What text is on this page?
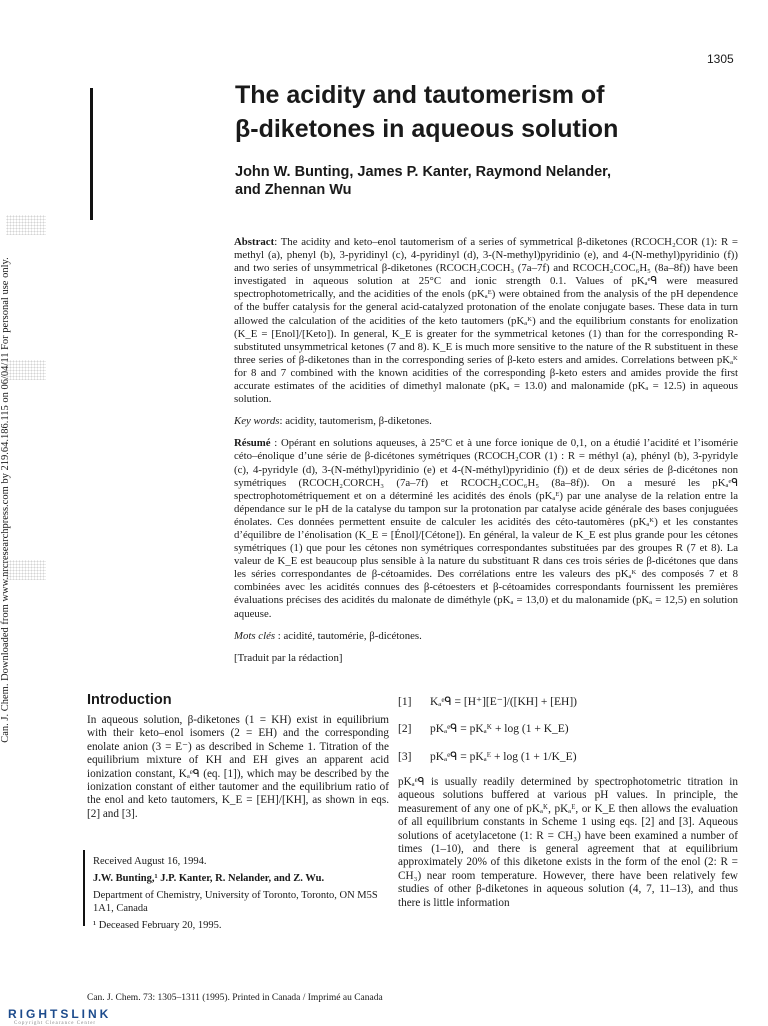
1305
The acidity and tautomerism of
β-diketones in aqueous solution
John W. Bunting, James P. Kanter, Raymond Nelander,
and Zhennan Wu

Abstract: The acidity and keto–enol tautomerism of a series of symmetrical β-diketones (RCOCH₂COR (1): R = methyl (a), phenyl (b), 3-pyridinyl (c), 4-pyridinyl (d), 3-(N-methyl)pyridinio (e), and 4-(N-methyl)pyridinio (f)) and two series of unsymmetrical β-diketones (RCOCH₂COCH₃ (7a–7f) and RCOCH₂COC₆H₅ (8a–8f)) have been investigated in aqueous solution at 25°C and ionic strength 0.1. Values of pKₐᵉᑫ were measured spectrophotometrically, and the acidities of the enols (pKₐᴱ) were obtained from the analysis of the pH dependence of the buffer catalysis for the general acid-catalyzed protonation of the enolate conjugate bases. These data in turn allowed the calculation of the acidities of the keto tautomers (pKₐᴷ) and the equilibrium constants for enolization (K_E = [Enol]/[Keto]). In general, K_E is greater for the symmetrical ketones (1) than for the corresponding R-substituted unsymmetrical ketones (7 and 8). K_E is much more sensitive to the nature of the R substituent in these three series of β-diketones than in the corresponding series of β-keto esters and amides. Correlations between pKₐᴷ for 8 and 7 combined with the known acidities of the corresponding β-keto esters and amides provide the first accurate estimates of the acidities of dimethyl malonate (pKₐ = 13.0) and malonamide (pKₐ = 12.5) in aqueous solution.

Key words: acidity, tautomerism, β-diketones.

Résumé : Opérant en solutions aqueuses, à 25°C et à une force ionique de 0,1, on a étudié l’acidité et l’isomérie céto–énolique d’une série de β-dicétones symétriques (RCOCH₂COR (1) : R = méthyl (a), phényl (b), 3-pyridyle (c), 4-pyridyle (d), 3-(N-méthyl)pyridinio (e) et 4-(N-méthyl)pyridinio (f)) et de deux séries de β-dicétones non symétriques (RCOCH₂CORCH₃ (7a–7f) et RCOCH₂COC₆H₅ (8a–8f)). On a mesuré les pKₐᵉᑫ spectrophotométriquement et on a déterminé les acidités des énols (pKₐᴱ) par une analyse de la relation entre la dépendance sur le pH de la catalyse du tampon sur la protonation par catalyse acide générale des bases conjuguées énolates. Ces données permettent ensuite de calculer les acidités des céto-tautomères (pKₐᴷ) et les constantes d’équilibre de l’énolisation (K_E = [Énol]/[Cétone]). En général, la valeur de K_E est plus grande pour les cétones symétriques (1) que pour les cétones non symétriques correspondantes substituées par des groupes R (7 et 8). La valeur de K_E est beaucoup plus sensible à la nature du substituant R dans ces trois séries de β-dicétones que dans les séries correspondantes de β-cétoamides. Des corrélations entre les valeurs des pKₐᴷ des composés 7 et 8 combinées avec les acidités connues des β-cétoesters et β-cétoamides correspondants fournissent les premières évaluations précises des acidités du malonate de diméthyle (pKₐ = 13,0) et du malonamide (pKₐ = 12,5) en solution aqueuse.

Mots clés : acidité, tautomérie, β-dicétones.

[Traduit par la rédaction]

Can. J. Chem. Downloaded from www.nrcresearchpress.com by 219.64.186.115 on 06/04/11 For personal use only.	Introduction
In aqueous solution, β-diketones (1 = KH) exist in equilibrium with their keto–enol isomers (2 = EH) and the corresponding enolate anion (3 = E⁻) as described in Scheme 1. Titration of the equilibrium mixture of KH and EH gives an apparent acid ionization constant, Kₐᵉᑫ (eq. [1]), which may be described by the ionization constant of either tautomer and the equilibrium ratio of the enol and keto tautomers, K_E = [EH]/[KH], as shown in eqs. [2] and [3].
[1] Kₐᵉᑫ = [H⁺][E⁻]/([KH] + [EH])
[2] pKₐᵉᑫ = pKₐᴷ + log (1 + K_E)
[3] pKₐᵉᑫ = pKₐᴱ + log (1 + 1/K_E)
pKₐᵉᑫ is usually readily determined by spectrophotometric titration in aqueous solutions buffered at various pH values. In principle, the measurement of any one of pKₐᴷ, pKₐᴱ, or K_E then allows the evaluation of all equilibrium constants in Scheme 1 using eqs. [2] and [3]. Aqueous solutions of acetylacetone (1: R = CH₃) have been examined a number of times (1–10), and there is general agreement that at equilibrium approximately 20% of this diketone exists in the form of the enol (2: R = CH₃) near room temperature. However, there have been relatively few studies of other β-diketones in aqueous solution (4, 7, 11–13), and thus there is little information

Received August 16, 1994.

J.W. Bunting,¹ J.P. Kanter, R. Nelander, and Z. Wu.

Department of Chemistry, University of Toronto, Toronto, ON M5S 1A1, Canada

¹ Deceased February 20, 1995.

Can. J. Chem. 73: 1305–1311 (1995). Printed in Canada / Imprimé au Canada
RIGHTSLINK
Copyright Clearance Center
